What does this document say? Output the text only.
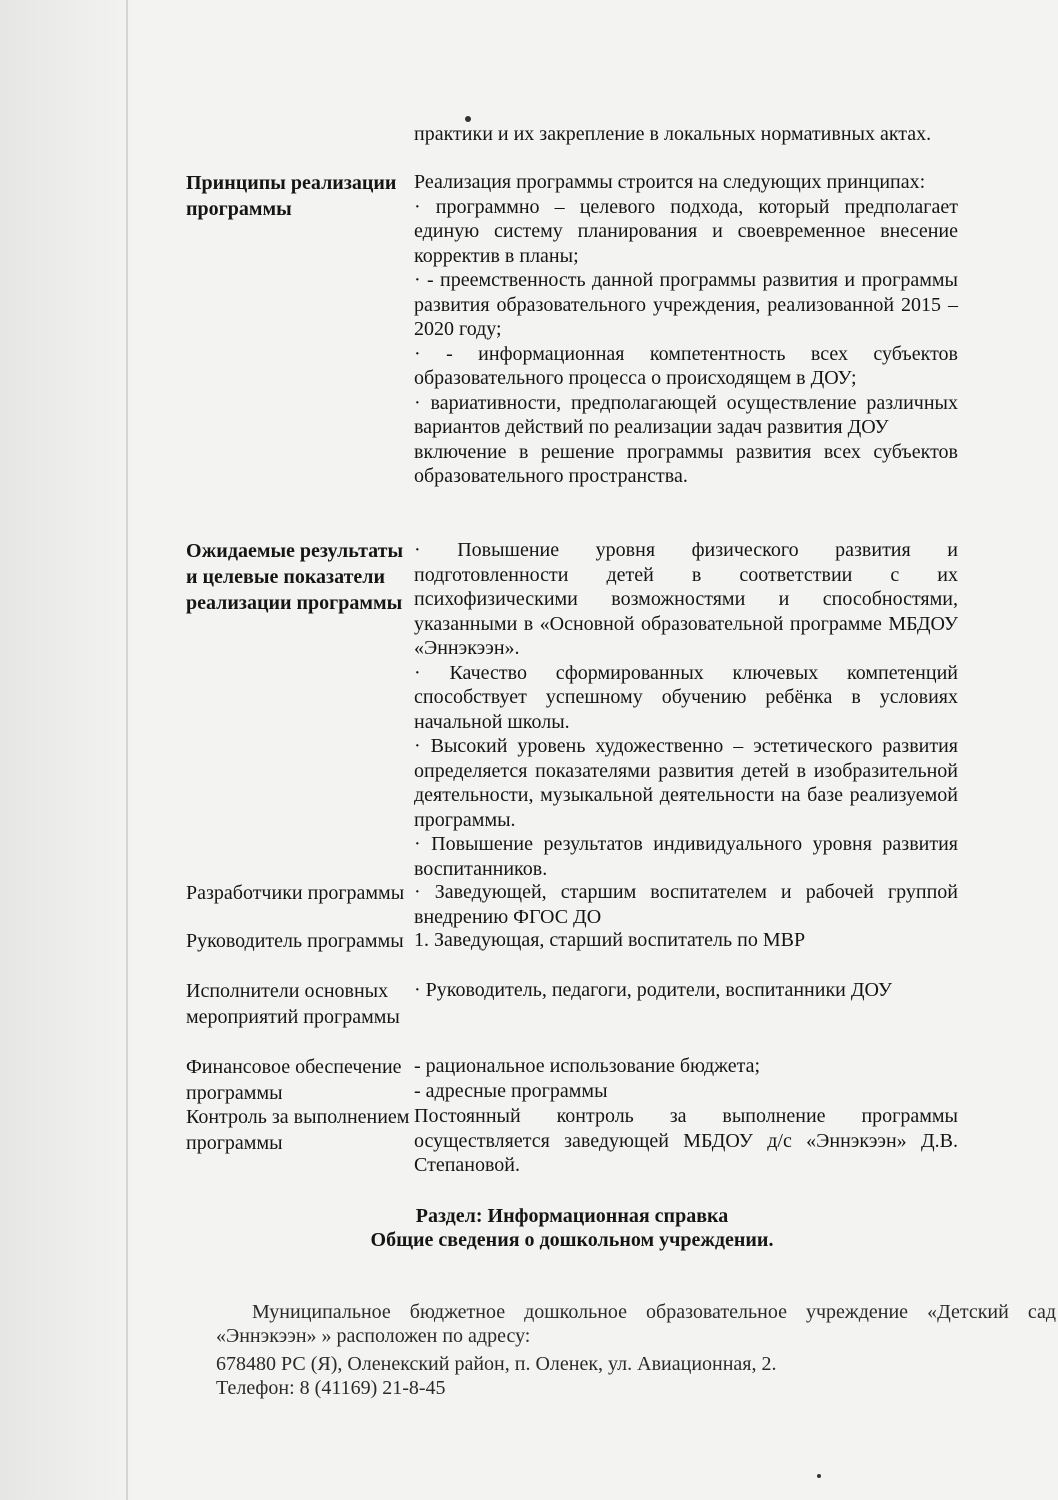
практики и их закрепление в локальных нормативных актах.

Принципы реализации программы

Реализация программы строится на следующих принципах:

· программно – целевого подхода, который предполагает единую систему планирования и своевременное внесение корректив в планы;

· - преемственность данной программы развития и программы развития образовательного учреждения, реализованной 2015 – 2020 году;

· - информационная компетентность всех субъектов образовательного процесса о происходящем в ДОУ;

· вариативности, предполагающей осуществление различных вариантов действий по реализации задач развития ДОУ

включение в решение программы развития всех субъектов образовательного пространства.

Ожидаемые результаты и целевые показатели реализации программы

· Повышение уровня физического развития и подготовленности детей в соответствии с их психофизическими возможностями и способностями, указанными в «Основной образовательной программе МБДОУ «Эннэкээн».

· Качество сформированных ключевых компетенций способствует успешному обучению ребёнка в условиях начальной школы.

· Высокий уровень художественно – эстетического развития определяется показателями развития детей в изобразительной деятельности, музыкальной деятельности на базе реализуемой программы.

· Повышение результатов индивидуального уровня развития воспитанников.

Разработчики программы · Заведующей, старшим воспитателем и рабочей группой внедрению ФГОС ДО

Руководитель программы 1. Заведующая, старший воспитатель по МВР

Исполнители основных мероприятий программы

· Руководитель, педагоги, родители, воспитанники ДОУ

Финансовое обеспечение программы

- рациональное использование бюджета;

- адресные программы

Контроль за выполнением программы

Постоянный контроль за выполнение программы осуществляется заведующей МБДОУ д/с «Эннэкээн» Д.В. Степановой.

Раздел: Информационная справка
Общие сведения о дошкольном учреждении.
Муниципальное бюджетное дошкольное образовательное учреждение «Детский сад «Эннэкээн» » расположен по адресу:
678480 РС (Я), Оленекский район, п. Оленек, ул. Авиационная, 2.
Телефон: 8 (41169) 21-8-45
